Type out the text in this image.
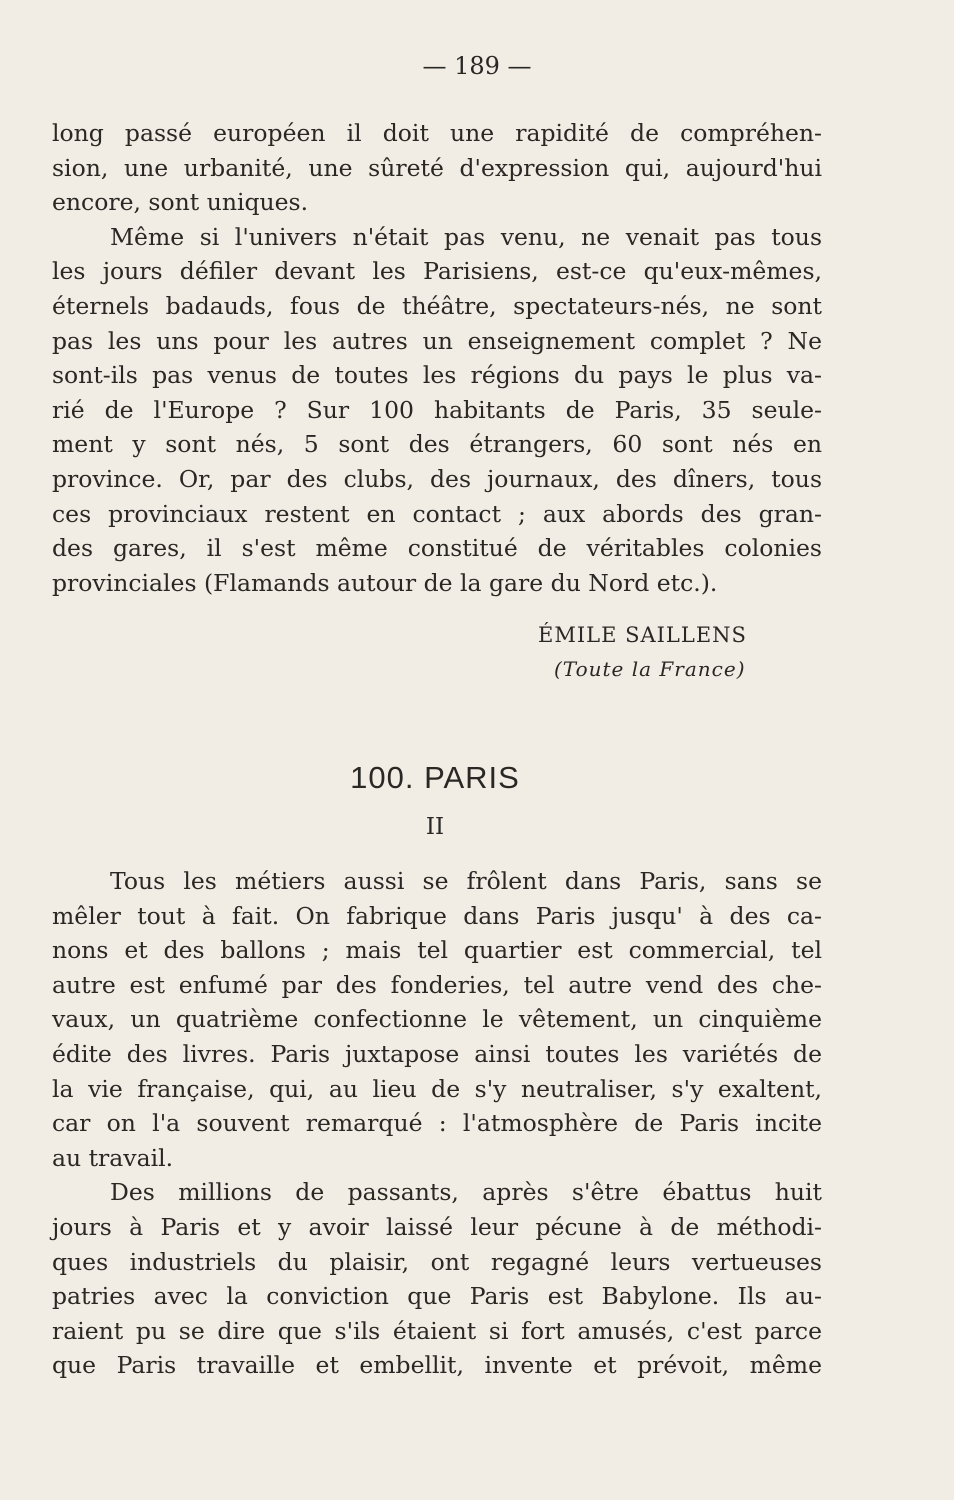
— 189 —
long passé européen il doit une rapidité de compréhen-
sion, une urbanité, une sûreté d'expression qui, aujourd'hui
encore, sont uniques.
Même si l'univers n'était pas venu, ne venait pas tous
les jours défiler devant les Parisiens, est-ce qu'eux-mêmes,
éternels badauds, fous de théâtre, spectateurs-nés, ne sont
pas les uns pour les autres un enseignement complet ? Ne
sont-ils pas venus de toutes les régions du pays le plus va-
rié de l'Europe ? Sur 100 habitants de Paris, 35 seule-
ment y sont nés, 5 sont des étrangers, 60 sont nés en
province. Or, par des clubs, des journaux, des dîners, tous
ces provinciaux restent en contact ; aux abords des gran-
des gares, il s'est même constitué de véritables colonies
provinciales (Flamands autour de la gare du Nord etc.).
ÉMILE SAILLENS
(Toute la France)
100. PARIS
II
Tous les métiers aussi se frôlent dans Paris, sans se
mêler tout à fait. On fabrique dans Paris jusqu' à des ca-
nons et des ballons ; mais tel quartier est commercial, tel
autre est enfumé par des fonderies, tel autre vend des che-
vaux, un quatrième confectionne le vêtement, un cinquième
édite des livres. Paris juxtapose ainsi toutes les variétés de
la vie française, qui, au lieu de s'y neutraliser, s'y exaltent,
car on l'a souvent remarqué : l'atmosphère de Paris incite
au travail.
Des millions de passants, après s'être ébattus huit
jours à Paris et y avoir laissé leur pécune à de méthodi-
ques industriels du plaisir, ont regagné leurs vertueuses
patries avec la conviction que Paris est Babylone. Ils au-
raient pu se dire que s'ils étaient si fort amusés, c'est parce
que Paris travaille et embellit, invente et prévoit, même
